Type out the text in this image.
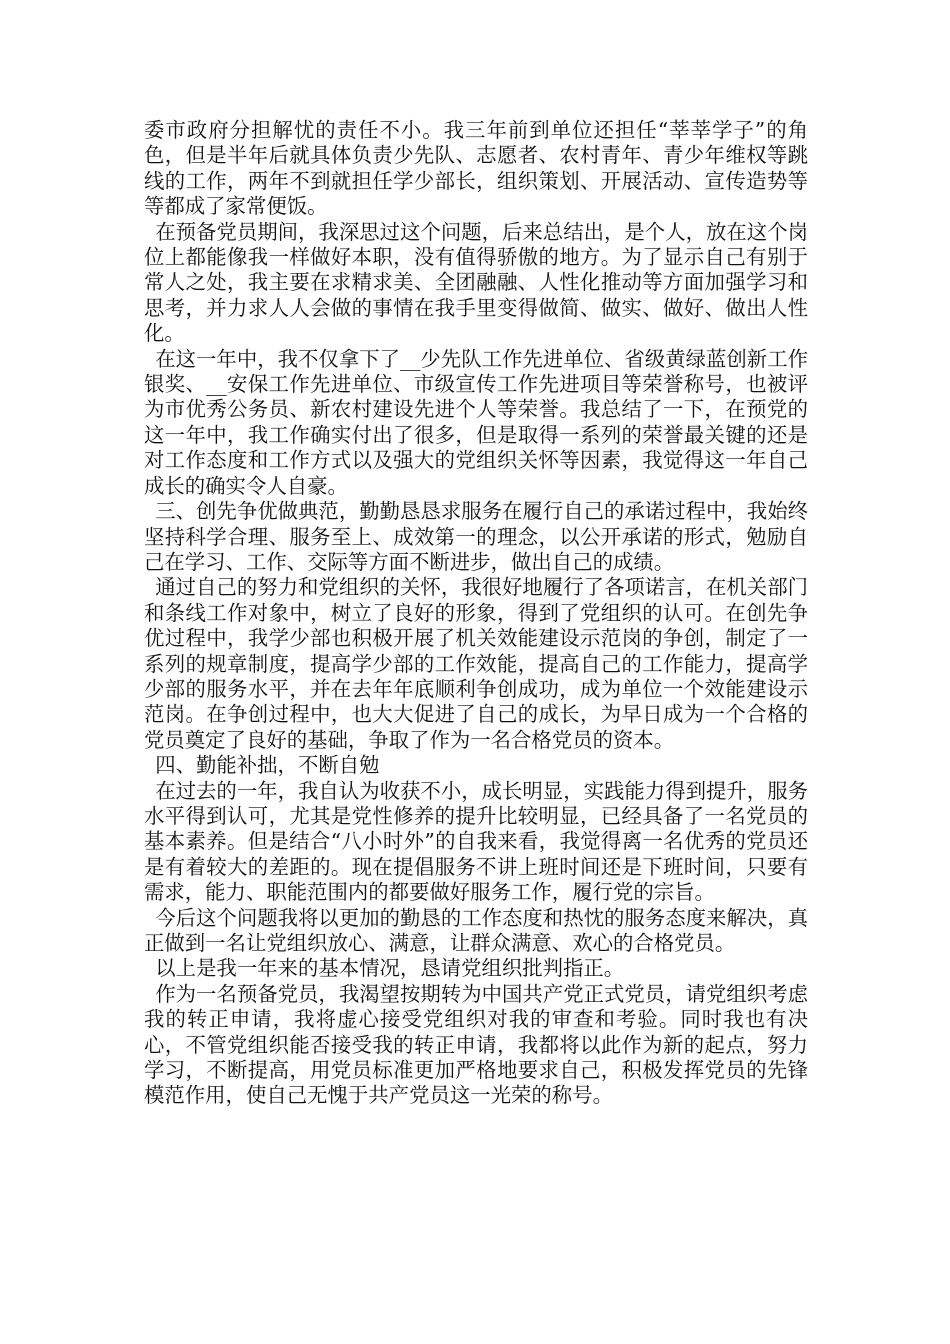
委市政府分担解忧的责任不小。我三年前到单位还担任“莘莘学子”的角色，但是半年后就具体负责少先队、志愿者、农村青年、青少年维权等跳线的工作，两年不到就担任学少部长，组织策划、开展活动、宣传造势等等都成了家常便饭。

在预备党员期间，我深思过这个问题，后来总结出，是个人，放在这个岗位上都能像我一样做好本职，没有值得骄傲的地方。为了显示自己有别于常人之处，我主要在求精求美、全团融融、人性化推动等方面加强学习和思考，并力求人人会做的事情在我手里变得做简、做实、做好、做出人性化。

在这一年中，我不仅拿下了__少先队工作先进单位、省级黄绿蓝创新工作银奖、__安保工作先进单位、市级宣传工作先进项目等荣誉称号，也被评为市优秀公务员、新农村建设先进个人等荣誉。我总结了一下，在预党的这一年中，我工作确实付出了很多，但是取得一系列的荣誉最关键的还是对工作态度和工作方式以及强大的党组织关怀等因素，我觉得这一年自己成长的确实令人自豪。

三、创先争优做典范，勤勤恳恳求服务在履行自己的承诺过程中，我始终坚持科学合理、服务至上、成效第一的理念，以公开承诺的形式，勉励自己在学习、工作、交际等方面不断进步，做出自己的成绩。

通过自己的努力和党组织的关怀，我很好地履行了各项诺言，在机关部门和条线工作对象中，树立了良好的形象，得到了党组织的认可。在创先争优过程中，我学少部也积极开展了机关效能建设示范岗的争创，制定了一系列的规章制度，提高学少部的工作效能，提高自己的工作能力，提高学少部的服务水平，并在去年年底顺利争创成功，成为单位一个效能建设示范岗。在争创过程中，也大大促进了自己的成长，为早日成为一个合格的党员奠定了良好的基础，争取了作为一名合格党员的资本。

四、勤能补拙，不断自勉

在过去的一年，我自认为收获不小，成长明显，实践能力得到提升，服务水平得到认可，尤其是党性修养的提升比较明显，已经具备了一名党员的基本素养。但是结合“八小时外”的自我来看，我觉得离一名优秀的党员还是有着较大的差距的。现在提倡服务不讲上班时间还是下班时间，只要有需求，能力、职能范围内的都要做好服务工作，履行党的宗旨。

今后这个问题我将以更加的勤恳的工作态度和热忱的服务态度来解决，真正做到一名让党组织放心、满意，让群众满意、欢心的合格党员。

以上是我一年来的基本情况，恳请党组织批判指正。

作为一名预备党员，我渴望按期转为中国共产党正式党员，请党组织考虑我的转正申请，我将虚心接受党组织对我的审查和考验。同时我也有决心，不管党组织能否接受我的转正申请，我都将以此作为新的起点，努力学习，不断提高，用党员标准更加严格地要求自己，积极发挥党员的先锋模范作用，使自己无愧于共产党员这一光荣的称号。
